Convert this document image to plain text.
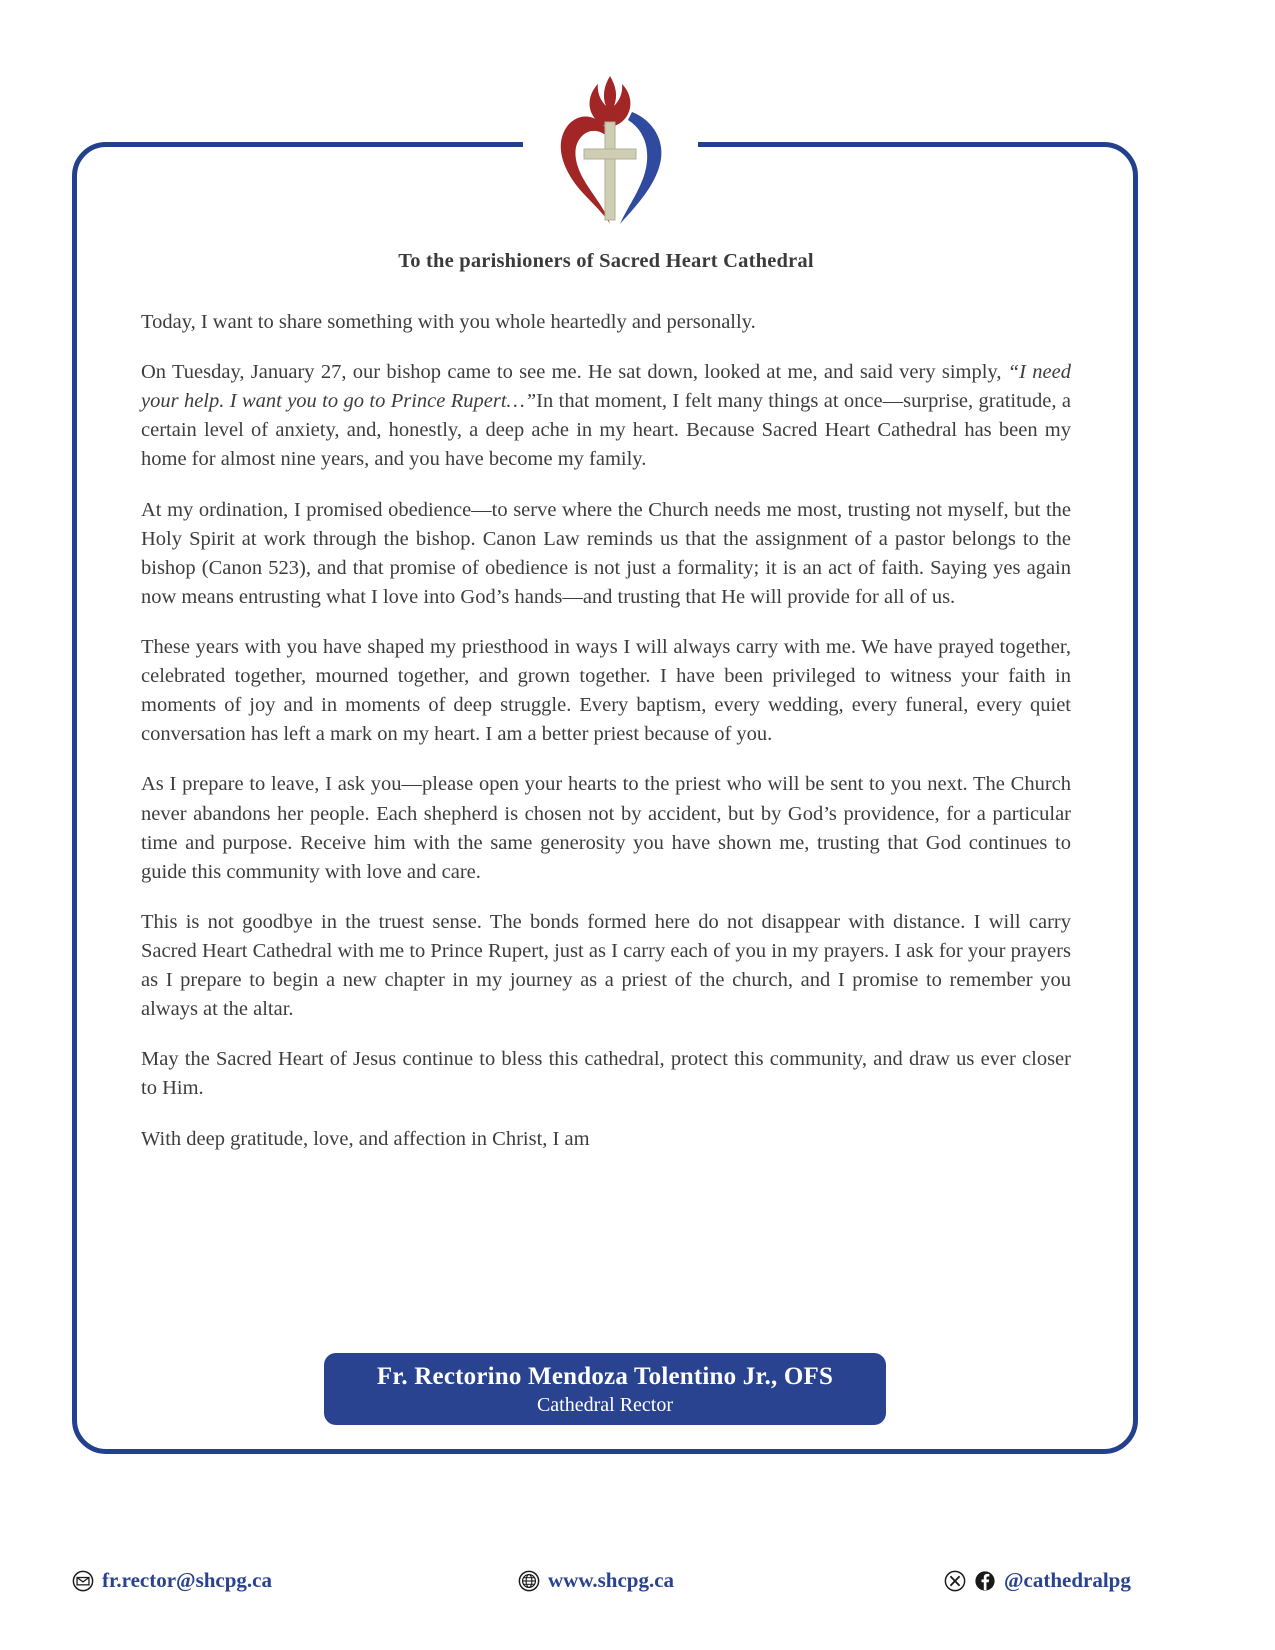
To the parishioners of Sacred Heart Cathedral
Today, I want to share something with you whole heartedly and personally.
On Tuesday, January 27, our bishop came to see me. He sat down, looked at me, and said very simply, “I need your help. I want you to go to Prince Rupert…”In that moment, I felt many things at once—surprise, gratitude, a certain level of anxiety, and, honestly, a deep ache in my heart. Because Sacred Heart Cathedral has been my home for almost nine years, and you have become my family.
At my ordination, I promised obedience—to serve where the Church needs me most, trusting not myself, but the Holy Spirit at work through the bishop. Canon Law reminds us that the assignment of a pastor belongs to the bishop (Canon 523), and that promise of obedience is not just a formality; it is an act of faith. Saying yes again now means entrusting what I love into God’s hands—and trusting that He will provide for all of us.
These years with you have shaped my priesthood in ways I will always carry with me. We have prayed together, celebrated together, mourned together, and grown together. I have been privileged to witness your faith in moments of joy and in moments of deep struggle. Every baptism, every wedding, every funeral, every quiet conversation has left a mark on my heart. I am a better priest because of you.
As I prepare to leave, I ask you—please open your hearts to the priest who will be sent to you next. The Church never abandons her people. Each shepherd is chosen not by accident, but by God’s providence, for a particular time and purpose. Receive him with the same generosity you have shown me, trusting that God continues to guide this community with love and care.
This is not goodbye in the truest sense. The bonds formed here do not disappear with distance. I will carry Sacred Heart Cathedral with me to Prince Rupert, just as I carry each of you in my prayers. I ask for your prayers as I prepare to begin a new chapter in my journey as a priest of the church, and I promise to remember you always at the altar.
May the Sacred Heart of Jesus continue to bless this cathedral, protect this community, and draw us ever closer to Him.
With deep gratitude, love, and affection in Christ, I am
Fr. Rectorino Mendoza Tolentino Jr., OFS
Cathedral Rector
fr.rector@shcpg.ca	www.shcpg.ca	@cathedralpg
